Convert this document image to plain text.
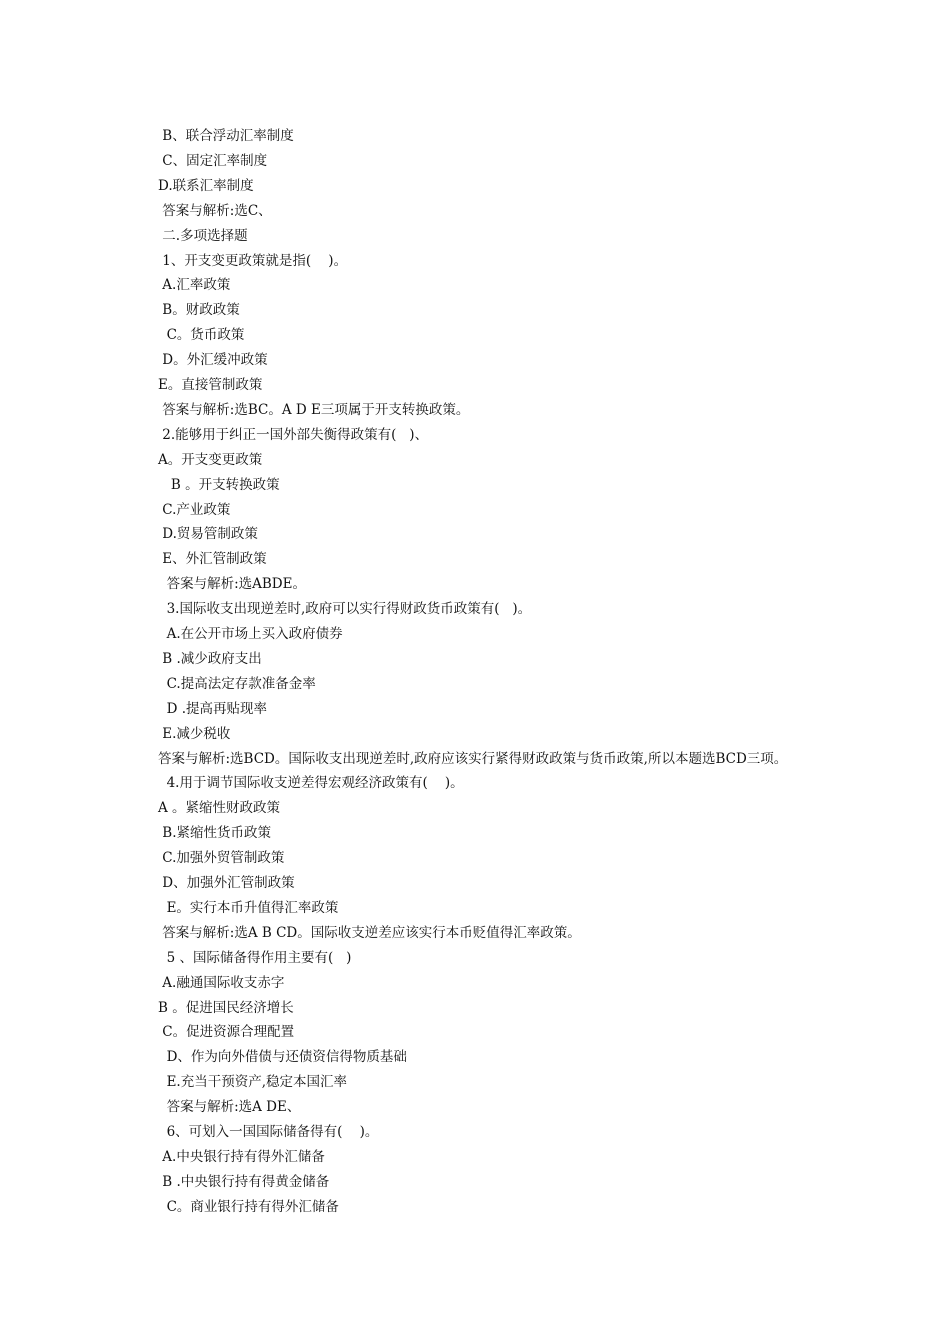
B、联合浮动汇率制度
C、固定汇率制度
D.联系汇率制度
答案与解析:选C、
二.多项选择题
1、开支变更政策就是指(    )。
A.汇率政策
B。财政政策
C。货币政策
D。外汇缓冲政策
E。直接管制政策
答案与解析:选BC。A D E三项属于开支转换政策。
2.能够用于纠正一国外部失衡得政策有(   )、
A。开支变更政策
B 。开支转换政策
C.产业政策
D.贸易管制政策
E、外汇管制政策
答案与解析:选ABDE。
3.国际收支出现逆差时,政府可以实行得财政货币政策有(   )。
A.在公开市场上买入政府债券
B .减少政府支出
C.提高法定存款准备金率
D .提高再贴现率
E.减少税收
答案与解析:选BCD。国际收支出现逆差时,政府应该实行紧得财政政策与货币政策,所以本题选BCD三项。
4.用于调节国际收支逆差得宏观经济政策有(    )。
A 。紧缩性财政政策
B.紧缩性货币政策
C.加强外贸管制政策
D、加强外汇管制政策
E。实行本币升值得汇率政策
答案与解析:选A B CD。国际收支逆差应该实行本币贬值得汇率政策。
5 、国际储备得作用主要有(   )
A.融通国际收支赤字
B 。促进国民经济增长
C。促进资源合理配置
D、作为向外借债与还债资信得物质基础
E.充当干预资产,稳定本国汇率
答案与解析:选A DE、
6、可划入一国国际储备得有(    )。
A.中央银行持有得外汇储备
B .中央银行持有得黄金储备
C。商业银行持有得外汇储备
